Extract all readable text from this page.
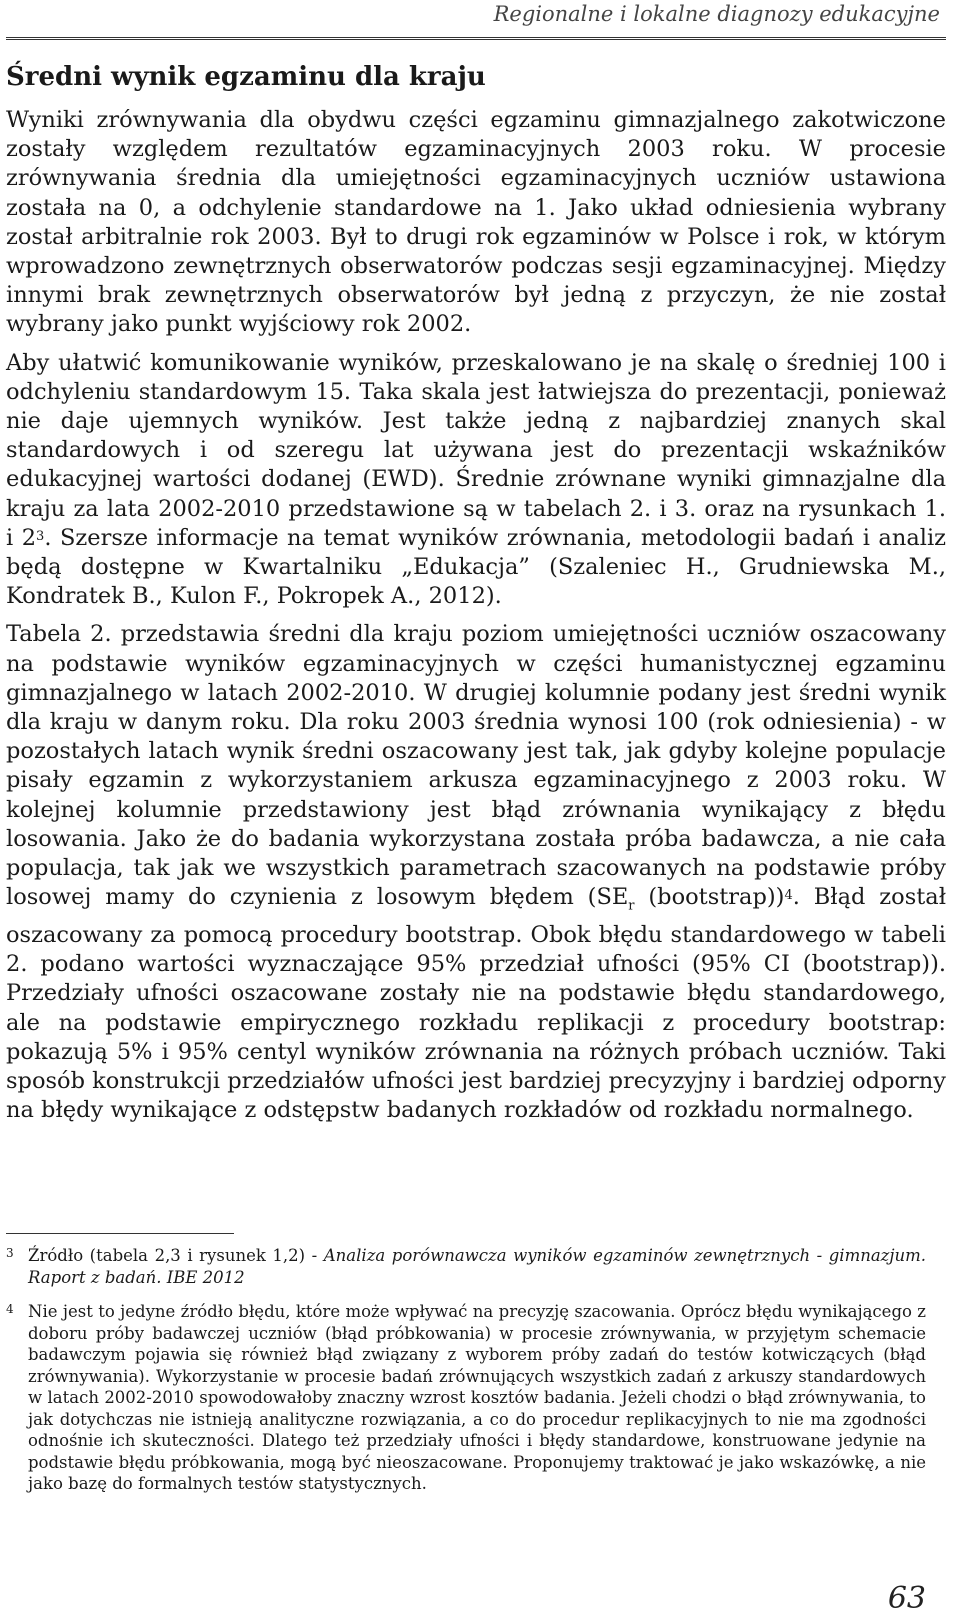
Regionalne i lokalne diagnozy edukacyjne
Średni wynik egzaminu dla kraju

Wyniki zrównywania dla obydwu części egzaminu gimnazjalnego zakotwiczone zostały względem rezultatów egzaminacyjnych 2003 roku. W procesie zrównywania średnia dla umiejętności egzaminacyjnych uczniów ustawiona została na 0, a odchylenie standardowe na 1. Jako układ odniesienia wybrany został arbitralnie rok 2003. Był to drugi rok egzaminów w Polsce i rok, w którym wprowadzono zewnętrznych obserwatorów podczas sesji egzaminacyjnej. Między innymi brak zewnętrznych obserwatorów był jedną z przyczyn, że nie został wybrany jako punkt wyjściowy rok 2002.

Aby ułatwić komunikowanie wyników, przeskalowano je na skalę o średniej 100 i odchyleniu standardowym 15. Taka skala jest łatwiejsza do prezentacji, ponieważ nie daje ujemnych wyników. Jest także jedną z najbardziej znanych skal standardowych i od szeregu lat używana jest do prezentacji wskaźników edukacyjnej wartości dodanej (EWD). Średnie zrównane wyniki gimnazjalne dla kraju za lata 2002-2010 przedstawione są w tabelach 2. i 3. oraz na rysunkach 1. i $2^3$. Szersze informacje na temat wyników zrównania, metodologii badań i analiz będą dostępne w Kwartalniku „Edukacja” (Szaleniec H., Grudniewska M., Kondratek B., Kulon F., Pokropek A., 2012).

Tabela 2. przedstawia średni dla kraju poziom umiejętności uczniów oszacowany na podstawie wyników egzaminacyjnych w części humanistycznej egzaminu gimnazjalnego w latach 2002-2010. W drugiej kolumnie podany jest średni wynik dla kraju w danym roku. Dla roku 2003 średnia wynosi 100 (rok odniesienia) - w pozostałych latach wynik średni oszacowany jest tak, jak gdyby kolejne populacje pisały egzamin z wykorzystaniem arkusza egzaminacyjnego z 2003 roku. W kolejnej kolumnie przedstawiony jest błąd zrównania wynikający z błędu losowania. Jako że do badania wykorzystana została próba badawcza, a nie cała populacja, tak jak we wszystkich parametrach szacowanych na podstawie próby losowej mamy do czynienia z losowym błędem ($SE_r$ (bootstrap))$^4$. Błąd został oszacowany za pomocą procedury bootstrap. Obok błędu standardowego w tabeli 2. podano wartości wyznaczające 95% przedział ufności (95% CI (bootstrap)). Przedziały ufności oszacowane zostały nie na podstawie błędu standardowego, ale na podstawie empirycznego rozkładu replikacji z procedury bootstrap: pokazują 5% i 95% centyl wyników zrównania na różnych próbach uczniów. Taki sposób konstrukcji przedziałów ufności jest bardziej precyzyjny i bardziej odporny na błędy wynikające z odstępstw badanych rozkładów od rozkładu normalnego.

3 Źródło (tabela 2,3 i rysunek 1,2) - Analiza porównawcza wyników egzaminów zewnętrznych - gimnazjum. Raport z badań. IBE 2012
4 Nie jest to jedyne źródło błędu, które może wpływać na precyzję szacowania. Oprócz błędu wynikającego z doboru próby badawczej uczniów (błąd próbkowania) w procesie zrównywania, w przyjętym schemacie badawczym pojawia się również błąd związany z wyborem próby zadań do testów kotwiczących (błąd zrównywania). Wykorzystanie w procesie badań zrównujących wszystkich zadań z arkuszy standardowych w latach 2002-2010 spowodowałoby znaczny wzrost kosztów badania. Jeżeli chodzi o błąd zrównywania, to jak dotychczas nie istnieją analityczne rozwiązania, a co do procedur replikacyjnych to nie ma zgodności odnośnie ich skuteczności. Dlatego też przedziały ufności i błędy standardowe, konstruowane jedynie na podstawie błędu próbkowania, mogą być nieoszacowane. Proponujemy traktować je jako wskazówkę, a nie jako bazę do formalnych testów statystycznych.
63
